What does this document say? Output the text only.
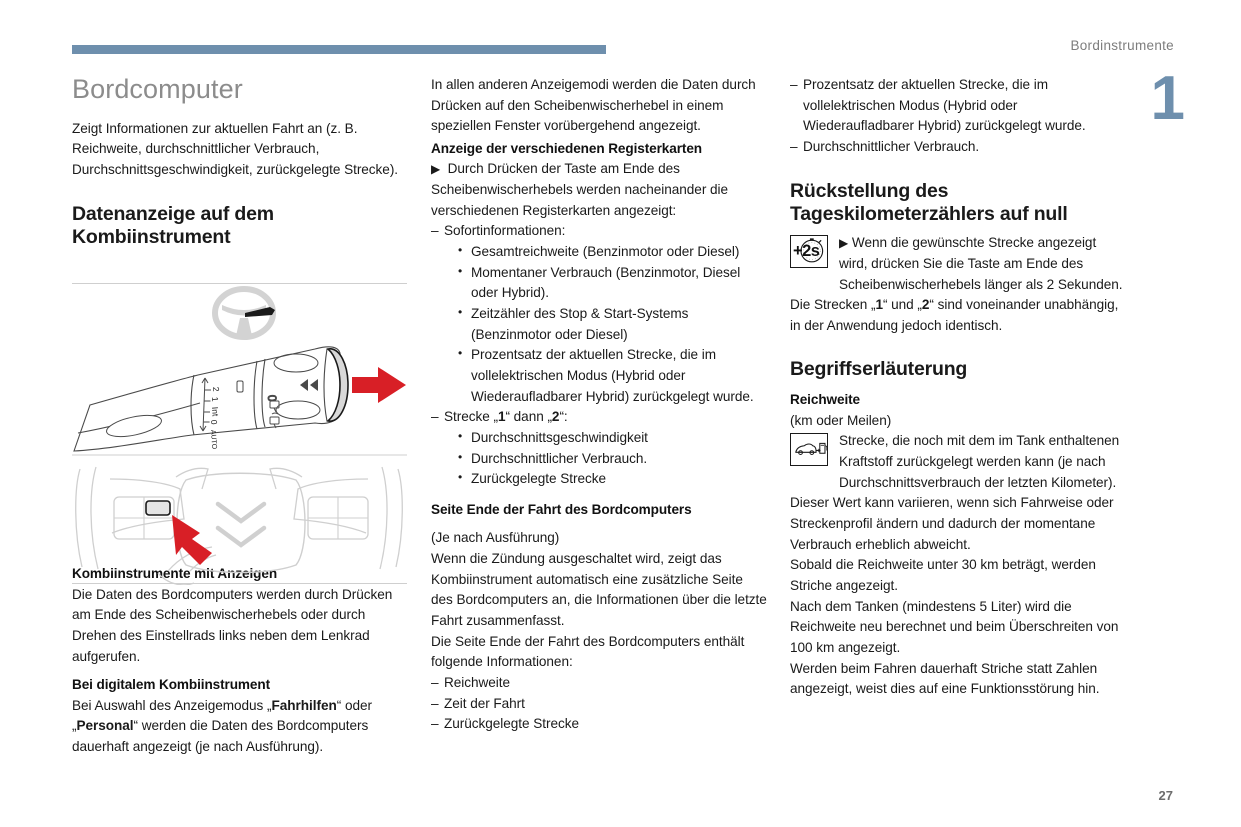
Bordinstrumente
1
Bordcomputer

Zeigt Informationen zur aktuellen Fahrt an (z. B. Reichweite, durchschnittlicher Verbrauch, Durchschnittsgeschwindigkeit, zurückgelegte Strecke).

Datenanzeige auf dem Kombiinstrument
Kombiinstrumente mit Anzeigen

Die Daten des Bordcomputers werden durch Drücken am Ende des Scheibenwischerhebels oder durch Drehen des Einstellrads links neben dem Lenkrad aufgerufen.

Bei digitalem Kombiinstrument

Bei Auswahl des Anzeigemodus „Fahrhilfen“ oder „Personal“ werden die Daten des Bordcomputers dauerhaft angezeigt (je nach Ausführung).

2
1
Int
0
AUTO
0

In allen anderen Anzeigemodi werden die Daten durch Drücken auf den Scheibenwischerhebel in einem speziellen Fenster vorübergehend angezeigt.

Anzeige der verschiedenen Registerkarten

▶ Durch Drücken der Taste am Ende des Scheibenwischerhebels werden nacheinander die verschiedenen Registerkarten angezeigt:

– Sofortinformationen:
• Gesamtreichweite (Benzinmotor oder Diesel)
• Momentaner Verbrauch (Benzinmotor, Diesel oder Hybrid).
• Zeitzähler des Stop & Start-Systems (Benzinmotor oder Diesel)
• Prozentsatz der aktuellen Strecke, die im vollelektrischen Modus (Hybrid oder Wiederaufladbarer Hybrid) zurückgelegt wurde.
– Strecke „1“ dann „2“:
• Durchschnittsgeschwindigkeit
• Durchschnittlicher Verbrauch.
• Zurückgelegte Strecke
Seite Ende der Fahrt des Bordcomputers

(Je nach Ausführung)

Wenn die Zündung ausgeschaltet wird, zeigt das Kombiinstrument automatisch eine zusätzliche Seite des Bordcomputers an, die Informationen über die letzte Fahrt zusammenfasst.

Die Seite Ende der Fahrt des Bordcomputers enthält folgende Informationen:

– Reichweite
– Zeit der Fahrt
– Zurückgelegte Strecke
– Prozentsatz der aktuellen Strecke, die im vollelektrischen Modus (Hybrid oder Wiederaufladbarer Hybrid) zurückgelegt wurde.
– Durchschnittlicher Verbrauch.
Rückstellung des Tageskilometerzählers auf null
+2s ▶ Wenn die gewünschte Strecke angezeigt wird, drücken Sie die Taste am Ende des Scheibenwischerhebels länger als 2 Sekunden.

Die Strecken „1“ und „2“ sind voneinander unabhängig, in der Anwendung jedoch identisch.

Begriffserläuterung
Reichweite

(km oder Meilen)

Strecke, die noch mit dem im Tank enthaltenen Kraftstoff zurückgelegt werden kann (je nach Durchschnittsverbrauch der letzten Kilometer).

Dieser Wert kann variieren, wenn sich Fahrweise oder Streckenprofil ändern und dadurch der momentane Verbrauch erheblich abweicht.

Sobald die Reichweite unter 30 km beträgt, werden Striche angezeigt.

Nach dem Tanken (mindestens 5 Liter) wird die Reichweite neu berechnet und beim Überschreiten von 100 km angezeigt.

Werden beim Fahren dauerhaft Striche statt Zahlen angezeigt, weist dies auf eine Funktionsstörung hin.

27
